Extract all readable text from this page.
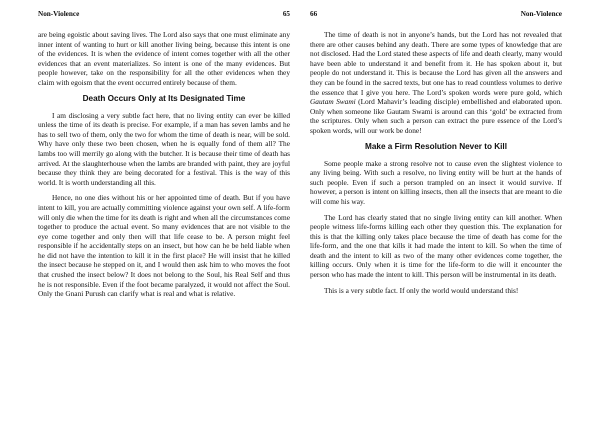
Non-Violence	65

are being egoistic about saving lives. The Lord also says that one must eliminate any inner intent of wanting to hurt or kill another living being, because this intent is one of the evidences. It is when the evidence of intent comes together with all the other evidences that an event materializes. So intent is one of the many evidences. But people however, take on the responsibility for all the other evidences when they claim with egoism that the event occurred entirely because of them.

Death Occurs Only at Its Designated Time

I am disclosing a very subtle fact here, that no living entity can ever be killed unless the time of its death is precise. For example, if a man has seven lambs and he has to sell two of them, only the two for whom the time of death is near, will be sold. Why have only these two been chosen, when he is equally fond of them all? The lambs too will merrily go along with the butcher. It is because their time of death has arrived. At the slaughterhouse when the lambs are branded with paint, they are joyful because they think they are being decorated for a festival. This is the way of this world. It is worth understanding all this.

Hence, no one dies without his or her appointed time of death. But if you have intent to kill, you are actually committing violence against your own self. A life-form will only die when the time for its death is right and when all the circumstances come together to produce the actual event. So many evidences that are not visible to the eye come together and only then will that life cease to be. A person might feel responsible if he accidentally steps on an insect, but how can he be held liable when he did not have the intention to kill it in the first place? He will insist that he killed the insect because he stepped on it, and I would then ask him to who moves the foot that crushed the insect below? It does not belong to the Soul, his Real Self and thus he is not responsible. Even if the foot became paralyzed, it would not affect the Soul. Only the Gnani Purush can clarify what is real and what is relative.

66	Non-Violence

The time of death is not in anyone’s hands, but the Lord has not revealed that there are other causes behind any death. There are some types of knowledge that are not disclosed. Had the Lord stated these aspects of life and death clearly, many would have been able to understand it and benefit from it. He has spoken about it, but people do not understand it. This is because the Lord has given all the answers and they can be found in the sacred texts, but one has to read countless volumes to derive the essence that I give you here. The Lord’s spoken words were pure gold, which Gautam Swami (Lord Mahavir’s leading disciple) embellished and elaborated upon. Only when someone like Gautam Swami is around can this ‘gold’ be extracted from the scriptures. Only when such a person can extract the pure essence of the Lord’s spoken words, will our work be done!

Make a Firm Resolution Never to Kill

Some people make a strong resolve not to cause even the slightest violence to any living being. With such a resolve, no living entity will be hurt at the hands of such people. Even if such a person trampled on an insect it would survive. If however, a person is intent on killing insects, then all the insects that are meant to die will come his way.

The Lord has clearly stated that no single living entity can kill another. When people witness life-forms killing each other they question this. The explanation for this is that the killing only takes place because the time of death has come for the life-form, and the one that kills it had made the intent to kill. So when the time of death and the intent to kill as two of the many other evidences come together, the killing occurs. Only when it is time for the life-form to die will it encounter the person who has made the intent to kill. This person will be instrumental in its death.

This is a very subtle fact. If only the world would understand this!
